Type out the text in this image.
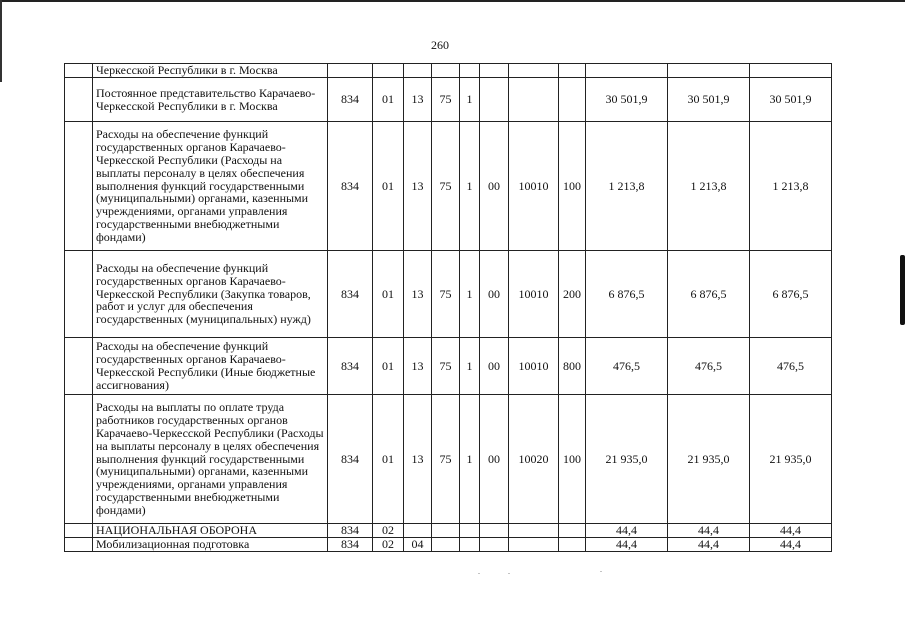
260
	Черкесской Республики в г. Москва											
	Постоянное представительство Карачаево-Черкесской Республики в г. Москва	834	01	13	75	1				30 501,9	30 501,9	30 501,9
	Расходы на обеспечение функций государственных органов Карачаево-Черкесской Республики (Расходы на выплаты персоналу в целях обеспечения выполнения функций государственными (муниципальными) органами, казенными учреждениями, органами управления государственными внебюджетными фондами)	834	01	13	75	1	00	10010	100	1 213,8	1 213,8	1 213,8
	Расходы на обеспечение функций государственных органов Карачаево-Черкесской Республики (Закупка товаров, работ и услуг для обеспечения государственных (муниципальных) нужд)	834	01	13	75	1	00	10010	200	6 876,5	6 876,5	6 876,5
	Расходы на обеспечение функций государственных органов Карачаево-Черкесской Республики (Иные бюджетные ассигнования)	834	01	13	75	1	00	10010	800	476,5	476,5	476,5
	Расходы на выплаты по оплате труда работников государственных органов Карачаево-Черкесской Республики (Расходы на выплаты персоналу в целях обеспечения выполнения функций государственными (муниципальными) органами, казенными учреждениями, органами управления государственными внебюджетными фондами)	834	01	13	75	1	00	10020	100	21 935,0	21 935,0	21 935,0
	НАЦИОНАЛЬНАЯ ОБОРОНА	834	02							44,4	44,4	44,4
	Мобилизационная подготовка	834	02	04						44,4	44,4	44,4
.	.	.
